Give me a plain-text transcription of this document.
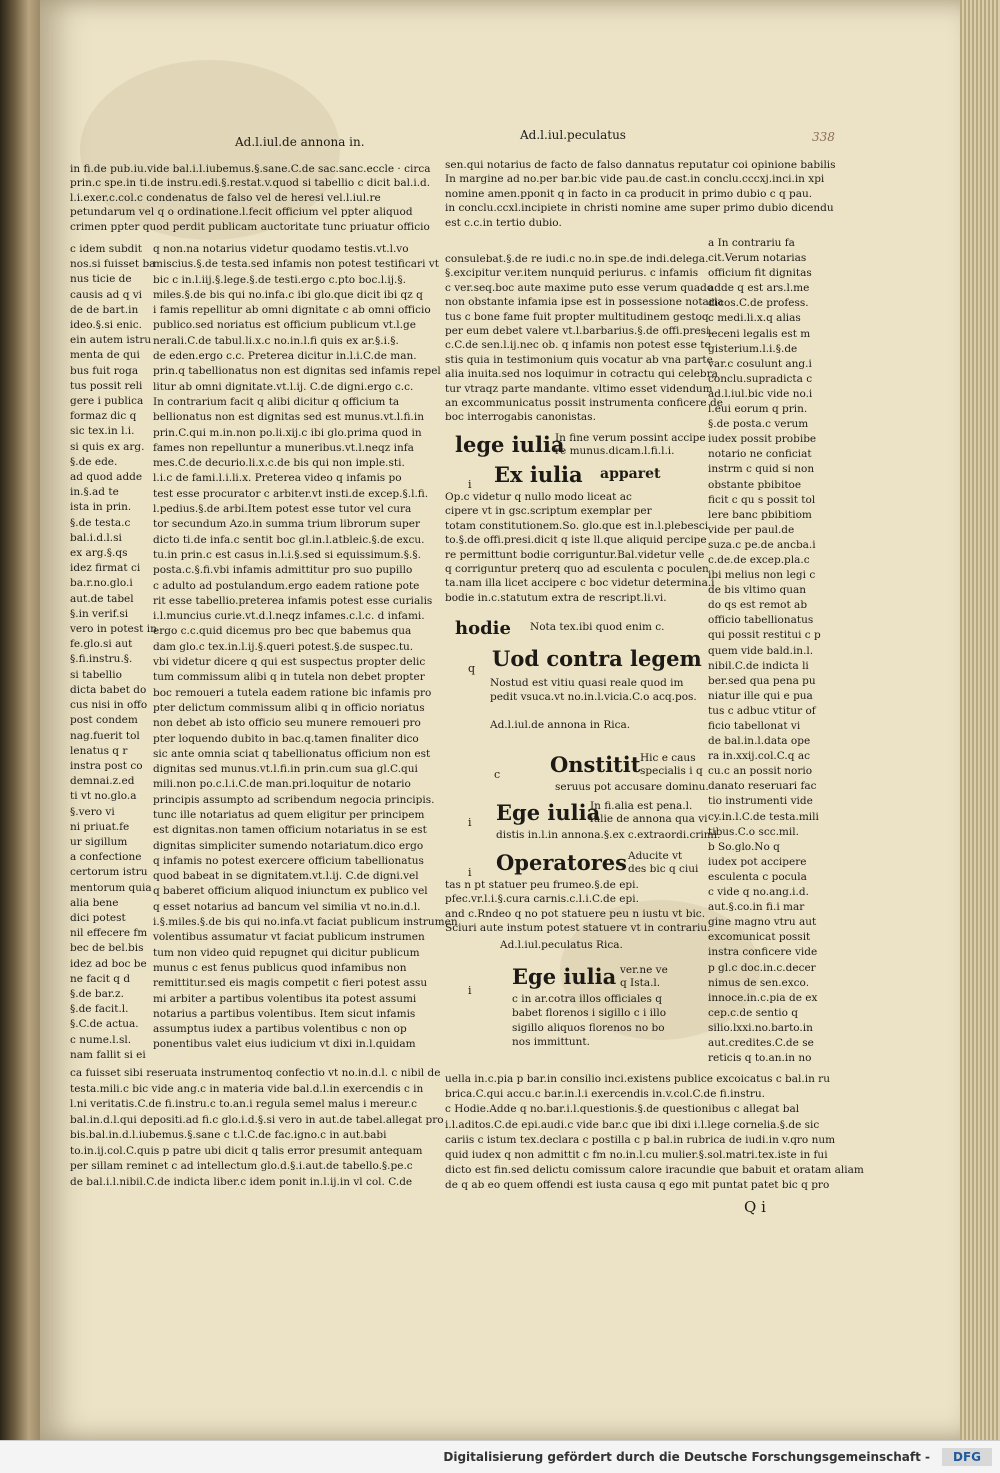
Ad.l.iul.de annona in.	Ad.l.iul.peculatus	338
in fi.de pub.iu.vide bal.i.l.iubemus.§.sane.C.de sac.sanc.eccle · circa
prin.c spe.in ti.de instru.edi.§.restat.v.quod si tabellio c dicit bal.i.d.
l.i.exer.c.col.c condenatus de falso vel de heresi vel.l.iul.re
petundarum vel q o ordinatione.l.fecit officium vel ppter aliquod
crimen ppter quod perdit publicam auctoritate tunc priuatur officio
c idem subdit
nos.si fuisset ba
nus ticie de
causis ad q vi
de de bart.in
ideo.§.si enic.
ein autem istru
menta de qui
bus fuit roga
tus possit reli
gere i publica
formaz dic q
sic tex.in l.i.
si quis ex arg.
§.de ede.
ad quod adde
in.§.ad te
ista in prin.
§.de testa.c
bal.i.d.l.si
ex arg.§.qs
idez firmat ci
ba.r.no.glo.i
aut.de tabel
§.in verif.si
vero in potest in
fe.glo.si aut
§.fi.instru.§.
si tabellio
dicta babet do
cus nisi in offo
post condem
nag.fuerit tol
lenatus q r
instra post co
demnai.z.ed
ti vt no.glo.a
§.vero vi
ni priuat.fe
ur sigillum
a confectione
certorum istru
mentorum quia
alia bene
dici potest
nil effecere fm
bec de bel.bis
idez ad boc be
ne facit q d
§.de bar.z.
§.de facit.l.
§.C.de actua.
c nume.l.sl.
nam fallit si ei
q non.na notarius videtur quodamo testis.vt.l.vo
miscius.§.de testa.sed infamis non potest testificari vt
bic c in.l.iij.§.lege.§.de testi.ergo c.pto boc.l.ij.§.
miles.§.de bis qui no.infa.c ibi glo.que dicit ibi qz q
i famis repellitur ab omni dignitate c ab omni officio
publico.sed noriatus est officium publicum vt.l.ge
nerali.C.de tabul.li.x.c no.in.l.fi quis ex ar.§.i.§.
de eden.ergo c.c. Preterea dicitur in.l.i.C.de man.
prin.q tabellionatus non est dignitas sed infamis repel
litur ab omni dignitate.vt.l.ij. C.de digni.ergo c.c.
In contrarium facit q alibi dicitur q officium ta
bellionatus non est dignitas sed est munus.vt.l.fi.in
prin.C.qui m.in.non po.li.xij.c ibi glo.prima quod in
fames non repelluntur a muneribus.vt.l.neqz infa
mes.C.de decurio.li.x.c.de bis qui non imple.sti.
l.i.c de fami.l.i.li.x. Preterea video q infamis po
test esse procurator c arbiter.vt insti.de excep.§.l.fi.
l.pedius.§.de arbi.Item potest esse tutor vel cura
tor secundum Azo.in summa trium librorum super
dicto ti.de infa.c sentit boc gl.in.l.atbleic.§.de excu.
tu.in prin.c est casus in.l.i.§.sed si equissimum.§.§.
posta.c.§.fi.vbi infamis admittitur pro suo pupillo
c adulto ad postulandum.ergo eadem ratione pote
rit esse tabellio.preterea infamis potest esse curialis
i.l.muncius curie.vt.d.l.neqz infames.c.l.c. d infami.
ergo c.c.quid dicemus pro bec que babemus qua
dam glo.c tex.in.l.ij.§.queri potest.§.de suspec.tu.
vbi videtur dicere q qui est suspectus propter delic
tum commissum alibi q in tutela non debet propter
boc remoueri a tutela eadem ratione bic infamis pro
pter delictum commissum alibi q in officio noriatus
non debet ab isto officio seu munere remoueri pro
pter loquendo dubito in bac.q.tamen finaliter dico
sic ante omnia sciat q tabellionatus officium non est
dignitas sed munus.vt.l.fi.in prin.cum sua gl.C.qui
mili.non po.c.l.i.C.de man.pri.loquitur de notario
principis assumpto ad scribendum negocia principis.
tunc ille notariatus ad quem eligitur per principem
est dignitas.non tamen officium notariatus in se est
dignitas simpliciter sumendo notariatum.dico ergo
q infamis no potest exercere officium tabellionatus
quod babeat in se dignitatem.vt.l.ij. C.de digni.vel
q baberet officium aliquod iniunctum ex publico vel
q esset notarius ad bancum vel similia vt no.in.d.l.
i.§.miles.§.de bis qui no.infa.vt faciat publicum instrumen
volentibus assumatur vt faciat publicum instrumen
tum non video quid repugnet qui dicitur publicum
munus c est fenus publicus quod infamibus non
remittitur.sed eis magis competit c fieri potest assu
mi arbiter a partibus volentibus ita potest assumi
notarius a partibus volentibus. Item sicut infamis
assumptus iudex a partibus volentibus c non op
ponentibus valet eius iudicium vt dixi in.l.quidam
ca fuisset sibi reseruata instrumentoq confectio vt no.in.d.l. c nibil de
testa.mili.c bic vide ang.c in materia vide bal.d.l.in exercendis c in
l.ni veritatis.C.de fi.instru.c to.an.i regula semel malus i mereur.c
bal.in.d.l.qui depositi.ad fi.c glo.i.d.§.si vero in aut.de tabel.allegat pro
bis.bal.in.d.l.iubemus.§.sane c t.l.C.de fac.igno.c in aut.babi
to.in.ij.col.C.quis p patre ubi dicit q talis error presumit antequam
per sillam reminet c ad intellectum glo.d.§.i.aut.de tabello.§.pe.c
de bal.i.l.nibil.C.de indicta liber.c idem ponit in.l.ij.in vl col. C.de
sen.qui notarius de facto de falso dannatus reputatur coi opinione babilis
In margine ad no.per bar.bic vide pau.de cast.in conclu.cccxj.inci.in xpi
nomine amen.pponit q in facto in ca producit in primo dubio c q pau.
in conclu.ccxl.incipiete in christi nomine ame super primo dubio dicendu
est c.c.in tertio dubio.
consulebat.§.de re iudi.c no.in spe.de indi.delega.
§.excipitur ver.item nunquid periurus. c infamis
c ver.seq.boc aute maxime puto esse verum quado
non obstante infamia ipse est in possessione notaria
tus c bone fame fuit propter multitudinem gestoq
per eum debet valere vt.l.barbarius.§.de offi.presi.
c.C.de sen.l.ij.nec ob. q infamis non potest esse te
stis quia in testimonium quis vocatur ab vna parte
alia inuita.sed nos loquimur in cotractu qui celebra
tur vtraqz parte mandante. vltimo esset videndum
an excommunicatus possit instrumenta conficere de
boc interrogabis canonistas.
lege iulia
In fine verum possint accipe
re munus.dicam.l.fi.l.i.
i Ex iulia apparet
Op.c videtur q nullo modo liceat ac
cipere vt in gsc.scriptum exemplar per
totam constitutionem.So. glo.que est in.l.plebesci
to.§.de offi.presi.dicit q iste ll.que aliquid percipe
re permittunt bodie corriguntur.Bal.videtur velle
q corriguntur preterq quo ad esculenta c poculen
ta.nam illa licet accipere c boc videtur determina.i
bodie in.c.statutum extra de rescript.li.vi.
hodie Nota tex.ibi quod enim c.
q Uod contra legem
Nostud est vitiu quasi reale quod im
pedit vsuca.vt no.in.l.vicia.C.o acq.pos.
Ad.l.iul.de annona in Rica.
c Onstitit Hic e caus
specialis i q
seruus pot accusare dominu.
i Ege iulia
In fi.alia est pena.l.
iulie de annona qua vi
distis in.l.in annona.§.ex c.extraordi.crimi.
i Operatores Aducite vt
des bic q ciui
tas n pt statuer peu frumeo.§.de epi.
pfec.vr.l.i.§.cura carnis.c.l.i.C.de epi.
and c.Rndeo q no pot statuere peu n iustu vt bic.
Sciuri aute instum potest statuere vt in contrariu.
Ad.l.iul.peculatus Rica.
i
Ege iulia ver.ne ve
q Ista.l.
c in ar.cotra illos officiales q
babet florenos i sigillo c i illo
sigillo aliquos florenos no bo
nos immittunt.
a In contrariu fa
cit.Verum notarias
officium fit dignitas
adde q est ars.l.me
dicos.C.de profess.
c medi.li.x.q alias
leceni legalis est m
gisterium.l.i.§.de
var.c cosulunt ang.i
conclu.supradicta c
ad.l.iul.bic vide no.i
l.eui eorum q prin.
§.de posta.c verum
iudex possit probibe
notario ne conficiat
instrm c quid si non
obstante pbibitoe
ficit c qu s possit tol
lere banc pbibitiom
vide per paul.de
suza.c pe.de ancba.i
c.de.de excep.pla.c
ibi melius non legi c
de bis vltimo quan
do qs est remot ab
officio tabellionatus
qui possit restitui c p
quem vide bald.in.l.
nibil.C.de indicta li
ber.sed qua pena pu
niatur ille qui e pua
tus c adbuc vtitur of
ficio tabellonat vi
de bal.in.l.data ope
ra in.xxij.col.C.q ac
cu.c an possit norio
danato reseruari fac
tio instrumenti vide
cy.in.l.C.de testa.mili
tibus.C.o scc.mil.
b So.glo.No q
iudex pot accipere
esculenta c pocula
c vide q no.ang.i.d.
aut.§.co.in fi.i mar
gine magno vtru aut
excomunicat possit
instra conficere vide
p gl.c doc.in.c.decer
nimus de sen.exco.
innoce.in.c.pia de ex
cep.c.de sentio q
silio.lxxi.no.barto.in
aut.credites.C.de se
reticis q to.an.in no
uella in.c.pia p bar.in consilio inci.existens publice excoicatus c bal.in ru
brica.C.qui accu.c bar.in.l.i exercendis in.v.col.C.de fi.instru.
c Hodie.Adde q no.bar.i.l.questionis.§.de questionibus c allegat bal
i.l.aditos.C.de epi.audi.c vide bar.c que ibi dixi i.l.lege cornelia.§.de sic
cariis c istum tex.declara c postilla c p bal.in rubrica de iudi.in v.qro num
quid iudex q non admittit c fm no.in.l.cu mulier.§.sol.matri.tex.iste in fui
dicto est fin.sed delictu comissum calore iracundie que babuit et oratam aliam
de q ab eo quem offendi est iusta causa q ego mit puntat patet bic q pro
Q i
Digitalisierung gefördert durch die Deutsche Forschungsgemeinschaft -	DFG
